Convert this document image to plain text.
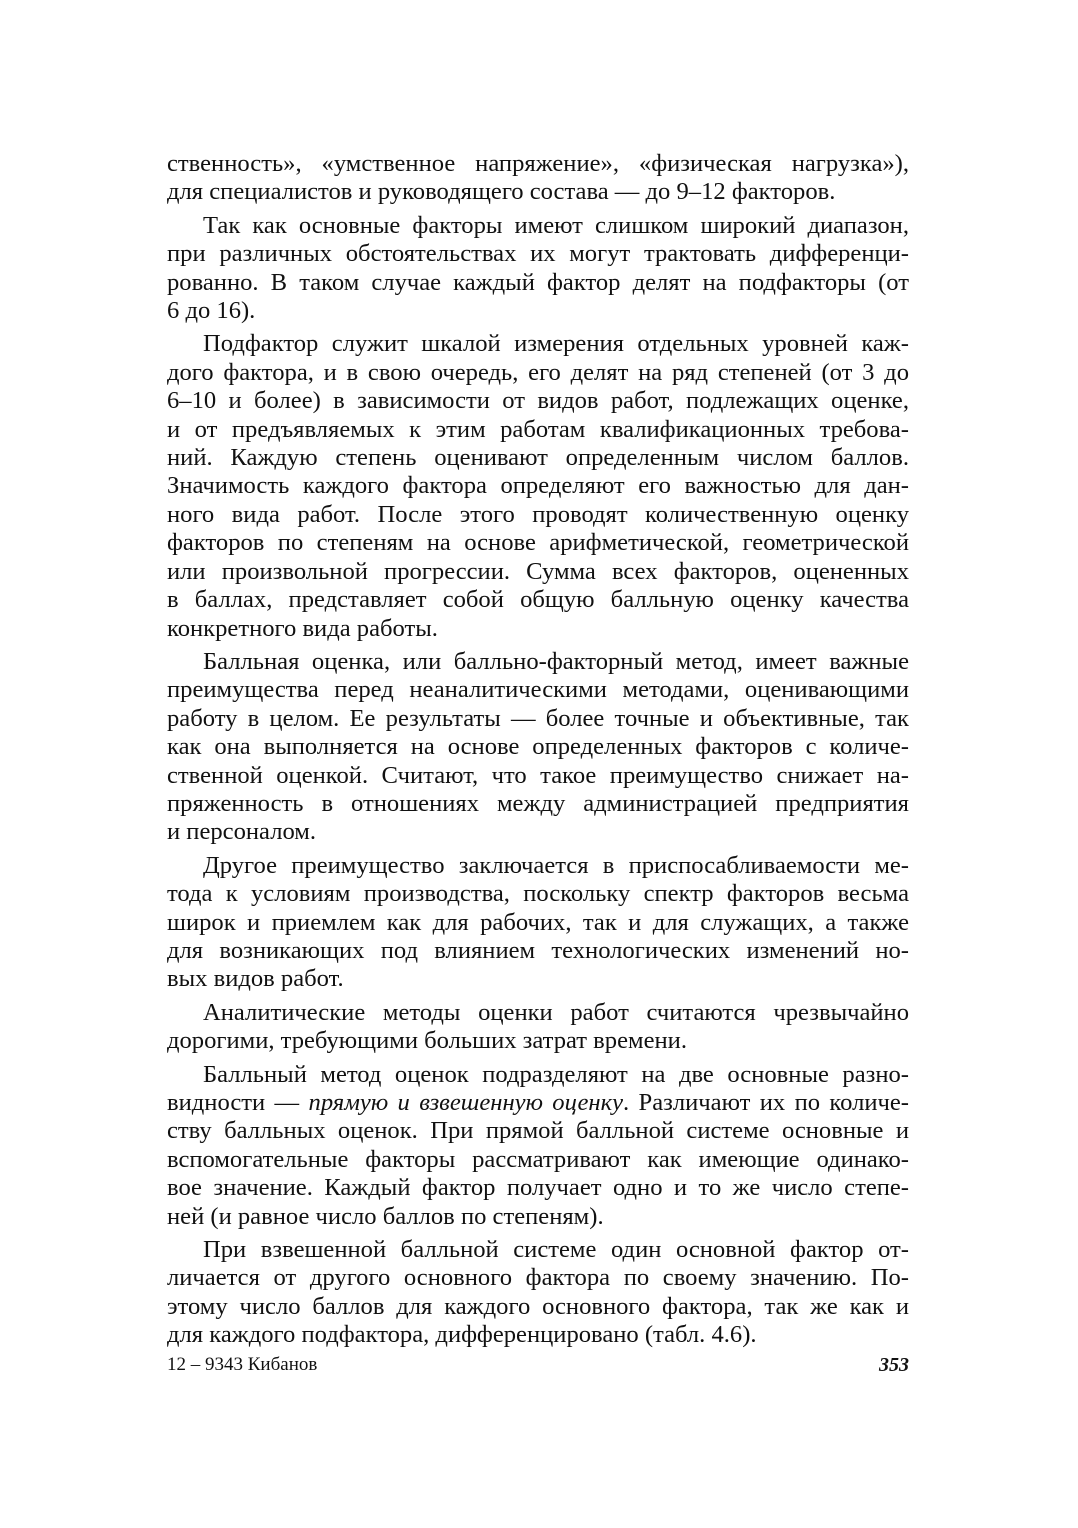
ственность», «умственное напряжение», «физическая нагрузка»),
для специалистов и руководящего состава — до 9–12 факторов.

Так как основные факторы имеют слишком широкий диапазон,
при различных обстоятельствах их могут трактовать дифференци-
рованно. В таком случае каждый фактор делят на подфакторы (от
6 до 16).

Подфактор служит шкалой измерения отдельных уровней каж-
дого фактора, и в свою очередь, его делят на ряд степеней (от 3 до
6–10 и более) в зависимости от видов работ, подлежащих оценке,
и от предъявляемых к этим работам квалификационных требова-
ний. Каждую степень оценивают определенным числом баллов.
Значимость каждого фактора определяют его важностью для дан-
ного вида работ. После этого проводят количественную оценку
факторов по степеням на основе арифметической, геометрической
или произвольной прогрессии. Сумма всех факторов, оцененных
в баллах, представляет собой общую балльную оценку качества
конкретного вида работы.

Балльная оценка, или балльно-факторный метод, имеет важные
преимущества перед неаналитическими методами, оценивающими
работу в целом. Ее результаты — более точные и объективные, так
как она выполняется на основе определенных факторов с количе-
ственной оценкой. Считают, что такое преимущество снижает на-
пряженность в отношениях между администрацией предприятия
и персоналом.

Другое преимущество заключается в приспосабливаемости ме-
тода к условиям производства, поскольку спектр факторов весьма
широк и приемлем как для рабочих, так и для служащих, а также
для возникающих под влиянием технологических изменений но-
вых видов работ.

Аналитические методы оценки работ считаются чрезвычайно
дорогими, требующими больших затрат времени.

Балльный метод оценок подразделяют на две основные разно-
видности — прямую и взвешенную оценку. Различают их по количе-
ству балльных оценок. При прямой балльной системе основные и
вспомогательные факторы рассматривают как имеющие одинако-
вое значение. Каждый фактор получает одно и то же число степе-
ней (и равное число баллов по степеням).

При взвешенной балльной системе один основной фактор от-
личается от другого основного фактора по своему значению. По-
этому число баллов для каждого основного фактора, так же как и
для каждого подфактора, дифференцировано (табл. 4.6).

12 – 9343 Кибанов	353
